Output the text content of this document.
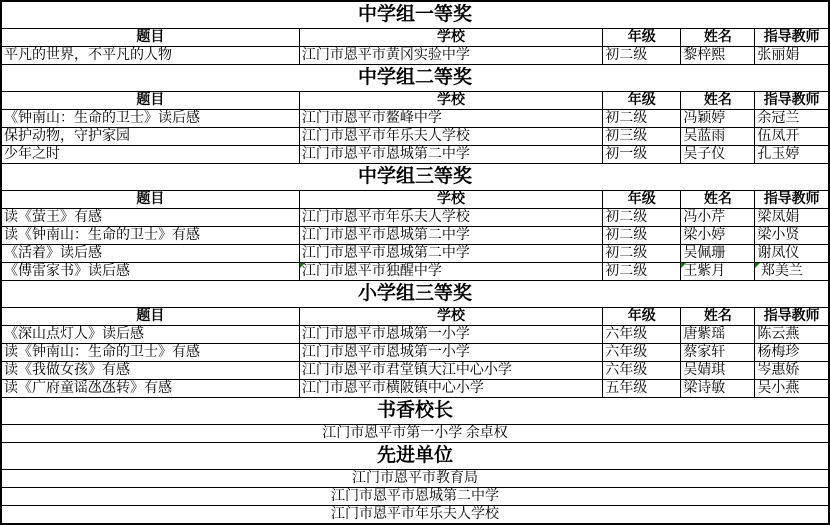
中学组一等奖				
题目	学校	年级	姓名	指导教师
平凡的世界，不平凡的人物	江门市恩平市黄冈实验中学	初二级	黎梓熙	张丽娟
中学组二等奖				
题目	学校	年级	姓名	指导教师
《钟南山：生命的卫士》读后感	江门市恩平市鳌峰中学	初二级	冯颖婷	余冠兰
保护动物，守护家园	江门市恩平市年乐夫人学校	初三级	吴蓝雨	伍凤开
少年之时	江门市恩平市恩城第二中学	初一级	吴子仪	孔玉婷
中学组三等奖				
题目	学校	年级	姓名	指导教师
读《萤王》有感	江门市恩平市年乐夫人学校	初二级	冯小芹	梁凤娟
读《钟南山：生命的卫士》有感	江门市恩平市恩城第二中学	初二级	梁小婷	梁小贤
《活着》读后感	江门市恩平市恩城第二中学	初二级	吴佩珊	谢凤仪
《傅雷家书》读后感	江门市恩平市独醒中学	初二级	王紫月	郑美兰
小学组三等奖				
题目	学校	年级	姓名	指导教师
《深山点灯人》读后感	江门市恩平市恩城第一小学	六年级	唐紫瑶	陈云燕
读《钟南山：生命的卫士》有感	江门市恩平市恩城第一小学	六年级	蔡家轩	杨梅珍
读《我做女孩》有感	江门市恩平市君堂镇大江中心小学	六年级	吴婧琪	岑惠娇
读《广府童谣氹氹转》有感	江门市恩平市横陂镇中心小学	五年级	梁诗敏	吴小燕
书香校长				
江门市恩平市第一小学 余卓权				
先进单位				
江门市恩平市教育局				
江门市恩平市恩城第二中学				
江门市恩平市年乐夫人学校				
